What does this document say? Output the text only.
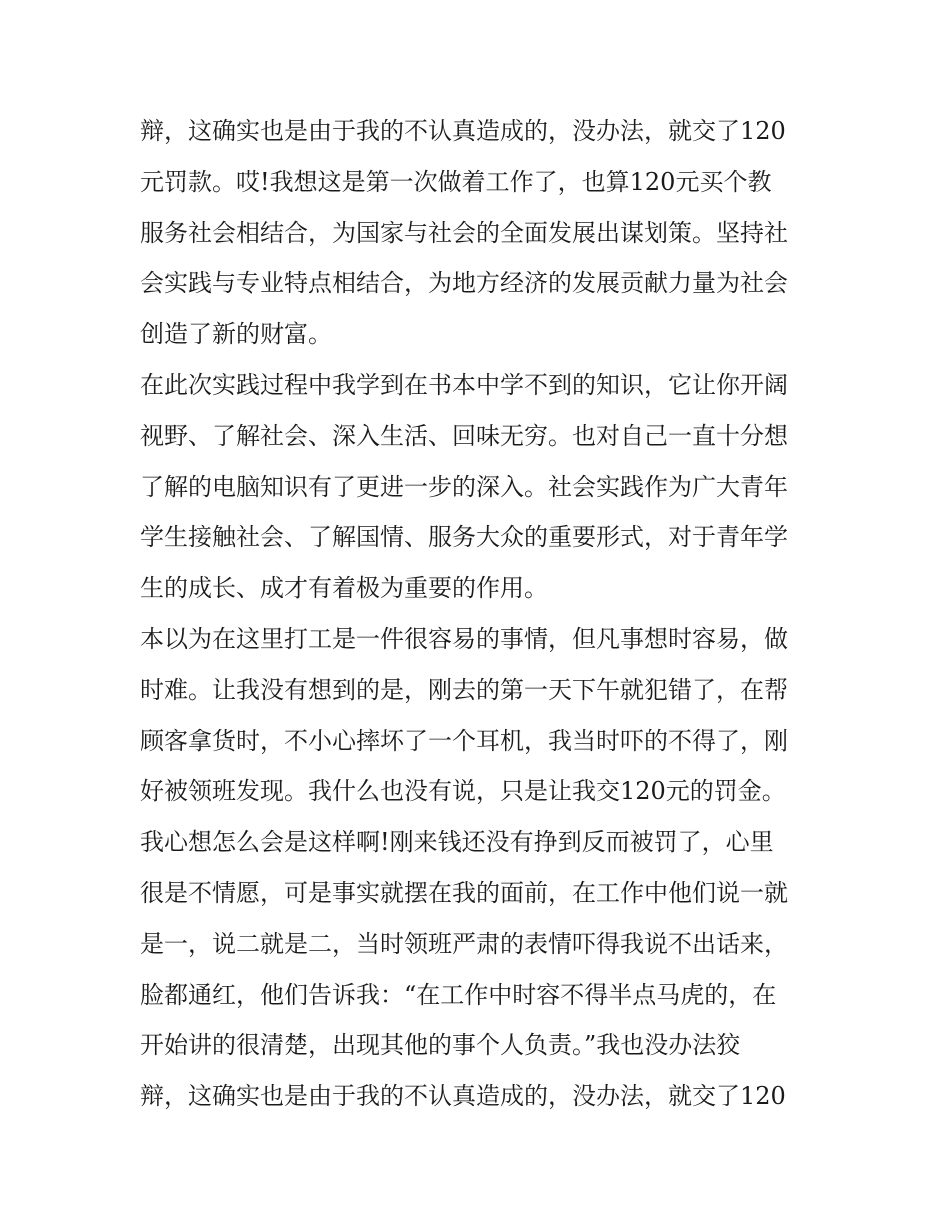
辩，这确实也是由于我的不认真造成的，没办法，就交了120
元罚款。哎!我想这是第一次做着工作了，也算120元买个教
服务社会相结合，为国家与社会的全面发展出谋划策。坚持社
会实践与专业特点相结合，为地方经济的发展贡献力量为社会
创造了新的财富。
在此次实践过程中我学到在书本中学不到的知识，它让你开阔
视野、了解社会、深入生活、回味无穷。也对自己一直十分想
了解的电脑知识有了更进一步的深入。社会实践作为广大青年
学生接触社会、了解国情、服务大众的重要形式，对于青年学
生的成长、成才有着极为重要的作用。
本以为在这里打工是一件很容易的事情，但凡事想时容易，做
时难。让我没有想到的是，刚去的第一天下午就犯错了，在帮
顾客拿货时，不小心摔坏了一个耳机，我当时吓的不得了，刚
好被领班发现。我什么也没有说，只是让我交120元的罚金。
我心想怎么会是这样啊!刚来钱还没有挣到反而被罚了，心里
很是不情愿，可是事实就摆在我的面前，在工作中他们说一就
是一，说二就是二，当时领班严肃的表情吓得我说不出话来，
脸都通红，他们告诉我：“在工作中时容不得半点马虎的，在
开始讲的很清楚，出现其他的事个人负责。”我也没办法狡
辩，这确实也是由于我的不认真造成的，没办法，就交了120
